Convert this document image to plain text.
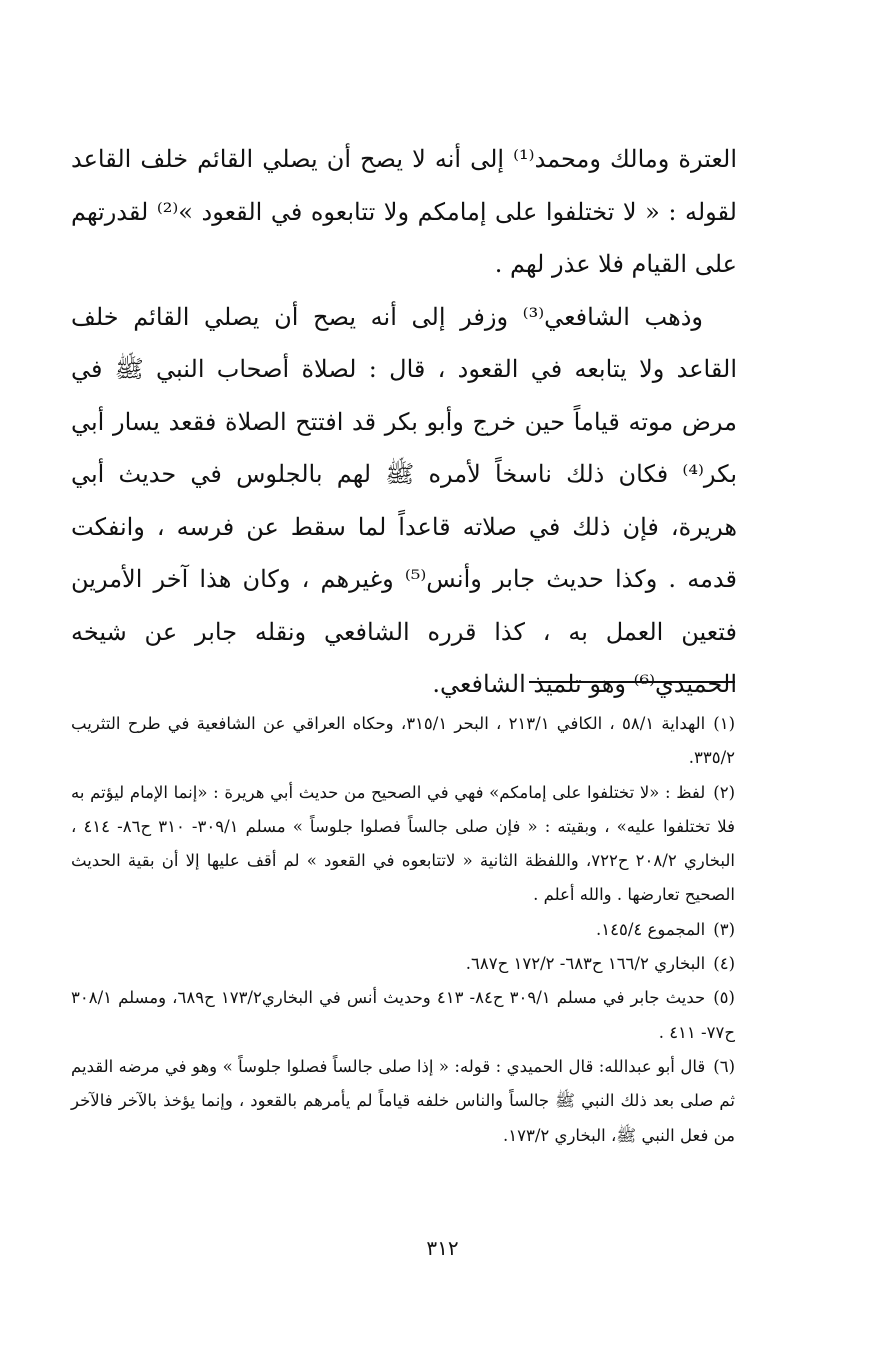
العترة ومالك ومحمد⁽¹⁾ إلى أنه لا يصح أن يصلي القائم خلف القاعد لقوله : « لا تختلفوا على إمامكم ولا تتابعوه في القعود »⁽²⁾ لقدرتهم على القيام فلا عذر لهم .

وذهب الشافعي⁽³⁾ وزفر إلى أنه يصح أن يصلي القائم خلف القاعد ولا يتابعه في القعود ، قال : لصلاة أصحاب النبي ﷺ في مرض موته قياماً حين خرج وأبو بكر قد افتتح الصلاة فقعد يسار أبي بكر⁽⁴⁾ فكان ذلك ناسخاً لأمره ﷺ لهم بالجلوس في حديث أبي هريرة، فإن ذلك في صلاته قاعداً لما سقط عن فرسه ، وانفكت قدمه . وكذا حديث جابر وأنس⁽⁵⁾ وغيرهم ، وكان هذا آخر الأمرين فتعين العمل به ، كذا قرره الشافعي ونقله جابر عن شيخه الحميدي⁽⁶⁾ وهو تلميذ الشافعي.

(١)الهداية ٥٨/١ ، الكافي ٢١٣/١ ، البحر ٣١٥/١، وحكاه العراقي عن الشافعية في طرح التثريب ٣٣٥/٢.

(٢)لفظ : «لا تختلفوا على إمامكم» فهي في الصحيح من حديث أبي هريرة : «إنما الإمام ليؤتم به فلا تختلفوا عليه» ، وبقيته : « فإن صلى جالساً فصلوا جلوساً » مسلم ٣٠٩/١- ٣١٠ ح٨٦- ٤١٤ ، البخاري ٢٠٨/٢ ح٧٢٢، واللفظة الثانية « لاتتابعوه في القعود » لم أقف عليها إلا أن بقية الحديث الصحيح تعارضها . والله أعلم .

(٣)المجموع ١٤٥/٤.

(٤)البخاري ١٦٦/٢ ح٦٨٣- ١٧٢/٢ ح٦٨٧.

(٥)حديث جابر في مسلم ٣٠٩/١ ح٨٤- ٤١٣ وحديث أنس في البخاري١٧٣/٢ ح٦٨٩، ومسلم ٣٠٨/١ ح٧٧- ٤١١ .

(٦)قال أبو عبدالله: قال الحميدي : قوله: « إذا صلى جالساً فصلوا جلوساً » وهو في مرضه القديم ثم صلى بعد ذلك النبي ﷺ جالساً والناس خلفه قياماً لم يأمرهم بالقعود ، وإنما يؤخذ بالآخر فالآخر من فعل النبي ﷺ، البخاري ١٧٣/٢.

٣١٢
